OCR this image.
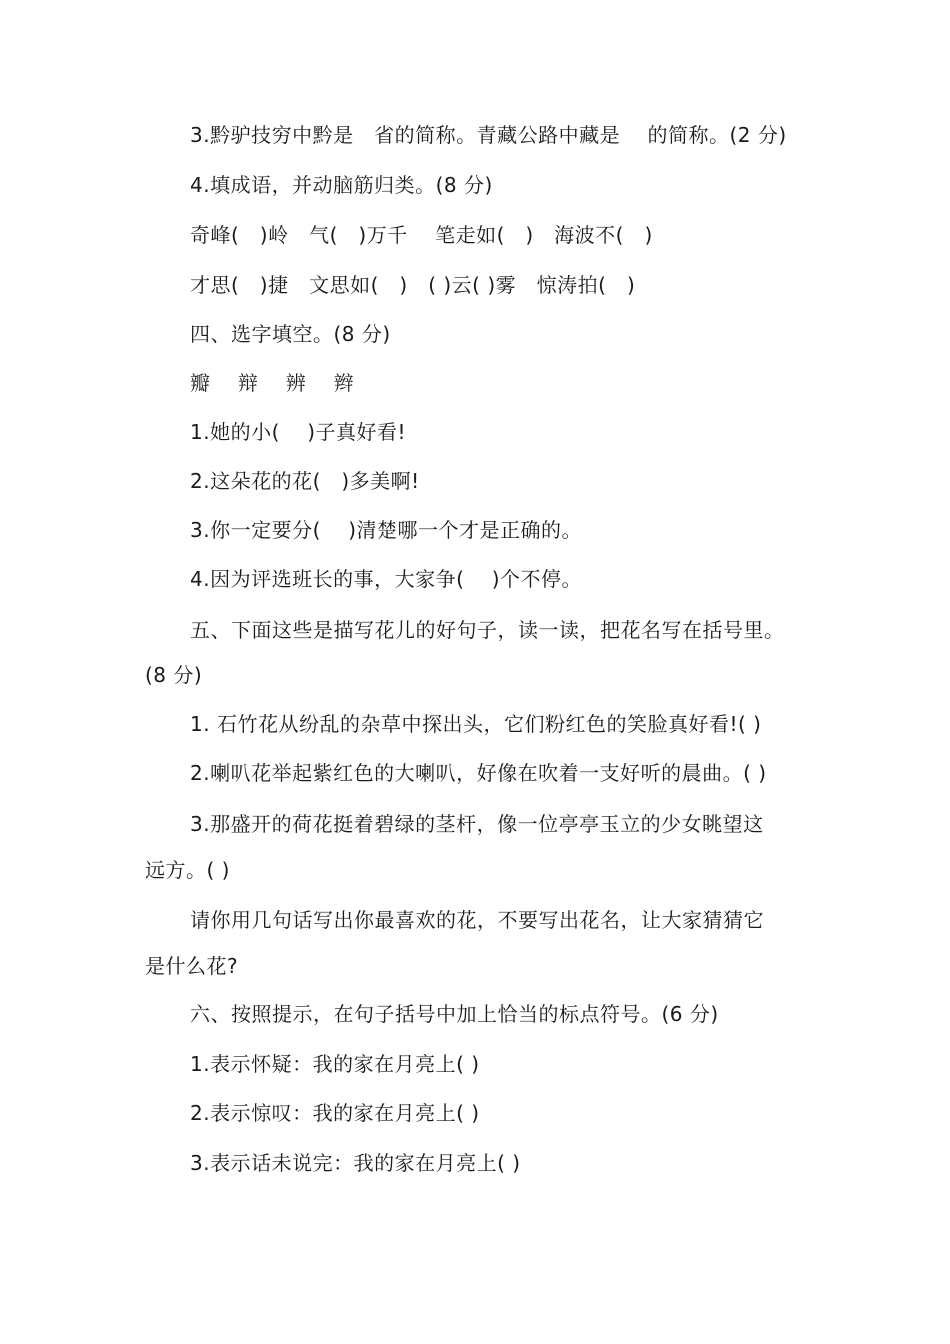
3.黔驴技穷中黔是　省的简称。青藏公路中藏是　 的简称。(2 分)
4.填成语，并动脑筋归类。(8 分)
奇峰(　)岭　气(　)万千　 笔走如(　)　海波不(　)
才思(　)捷　文思如(　)　( )云( )雾　惊涛拍(　)
四、选字填空。(8 分)
瓣　 辩　 辨　 辫
1.她的小(　 )子真好看!
2.这朵花的花(　)多美啊!
3.你一定要分(　 )清楚哪一个才是正确的。
4.因为评选班长的事，大家争(　 )个不停。
五、下面这些是描写花儿的好句子，读一读，把花名写在括号里。
(8 分)
1. 石竹花从纷乱的杂草中探出头，它们粉红色的笑脸真好看!( )
2.喇叭花举起紫红色的大喇叭，好像在吹着一支好听的晨曲。( )
3.那盛开的荷花挺着碧绿的茎杆，像一位亭亭玉立的少女眺望这
远方。( )
请你用几句话写出你最喜欢的花，不要写出花名，让大家猜猜它
是什么花?
六、按照提示，在句子括号中加上恰当的标点符号。(6 分)
1.表示怀疑：我的家在月亮上( )
2.表示惊叹：我的家在月亮上( )
3.表示话未说完：我的家在月亮上( )
